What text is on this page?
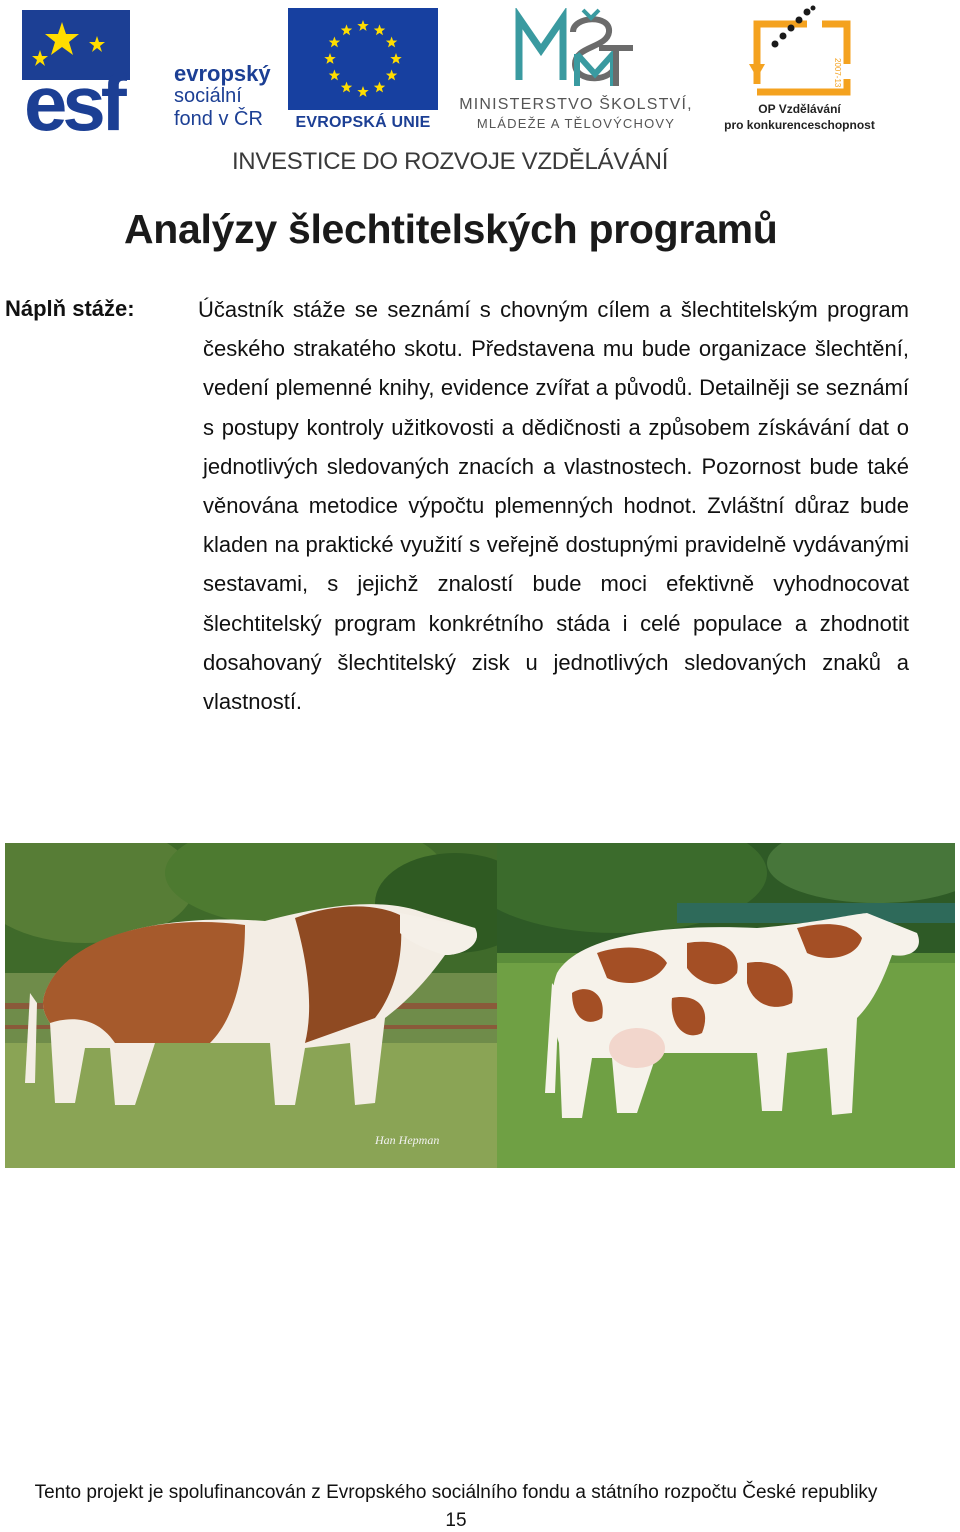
esf evropský
sociální
fond v ČR	EVROPSKÁ UNIE
MINISTERSTVO ŠKOLSTVÍ,
MLÁDEŽE A TĚLOVÝCHOVY
2007-13
OP Vzdělávání
pro konkurenceschopnost
INVESTICE DO ROZVOJE VZDĚLÁVÁNÍ
Analýzy šlechtitelských programů
Náplň stáže:	Účastník stáže se seznámí s chovným cílem a šlechtitelským program českého strakatého skotu. Představena mu bude organizace šlechtění, vedení plemenné knihy, evidence zvířat a původů. Detailněji se seznámí s postupy kontroly užitkovosti a dědičnosti a způsobem získávání dat o jednotlivých sledovaných znacích a vlastnostech. Pozornost bude také věnována metodice výpočtu plemenných hodnot. Zvláštní důraz bude kladen na praktické využití s veřejně dostupnými pravidelně vydávanými sestavami, s jejichž znalostí bude moci efektivně vyhodnocovat šlechtitelský program konkrétního stáda i celé populace a zhodnotit dosahovaný šlechtitelský zisk u jednotlivých sledovaných znaků a vlastností.

Han Hepman
Tento projekt je spolufinancován z Evropského sociálního fondu a státního rozpočtu České republiky
15
